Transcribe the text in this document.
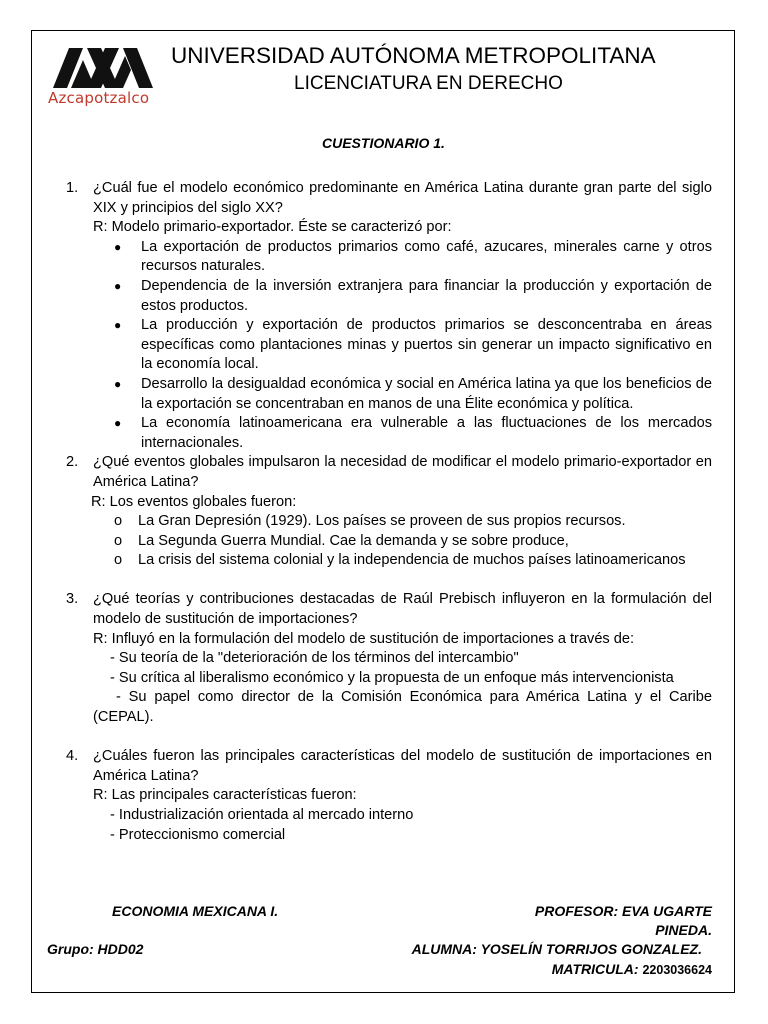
Azcapotzalco
UNIVERSIDAD AUTÓNOMA METROPOLITANA
LICENCIATURA EN DERECHO
CUESTIONARIO 1.
1.	¿Cuál fue el modelo económico predominante en América Latina durante gran parte del siglo XIX y principios del siglo XX?
R: Modelo primario-exportador. Éste se caracterizó por:
●	La exportación de productos primarios como café, azucares, minerales carne y otros recursos naturales.
●	Dependencia de la inversión extranjera para financiar la producción y exportación de estos productos.
●	La producción y exportación de productos primarios se desconcentraba en áreas específicas como plantaciones minas y puertos sin generar un impacto significativo en la economía local.
●	Desarrollo la desigualdad económica y social en América latina ya que los beneficios de la exportación se concentraban en manos de una Élite económica y política.
●	La economía latinoamericana era vulnerable a las fluctuaciones de los mercados internacionales.
2.	¿Qué eventos globales impulsaron la necesidad de modificar el modelo primario-exportador en América Latina?
R: Los eventos globales fueron:
o	La Gran Depresión (1929). Los países se proveen de sus propios recursos.
o	La Segunda Guerra Mundial. Cae la demanda y se sobre produce,
o	La crisis del sistema colonial y la independencia de muchos países latinoamericanos
3.	¿Qué teorías y contribuciones destacadas de Raúl Prebisch influyeron en la formulación del modelo de sustitución de importaciones?
R: Influyó en la formulación del modelo de sustitución de importaciones a través de:
- Su teoría de la "deterioración de los términos del intercambio"
- Su crítica al liberalismo económico y la propuesta de un enfoque más intervencionista
- Su papel como director de la Comisión Económica para América Latina y el Caribe (CEPAL).
4.	¿Cuáles fueron las principales características del modelo de sustitución de importaciones en América Latina?
R: Las principales características fueron:
- Industrialización orientada al mercado interno
- Proteccionismo comercial
ECONOMIA MEXICANA I.	PROFESOR: EVA UGARTE
PINEDA.
Grupo: HDD02	ALUMNA: YOSELÍN TORRIJOS GONZALEZ.
MATRICULA: 2203036624
